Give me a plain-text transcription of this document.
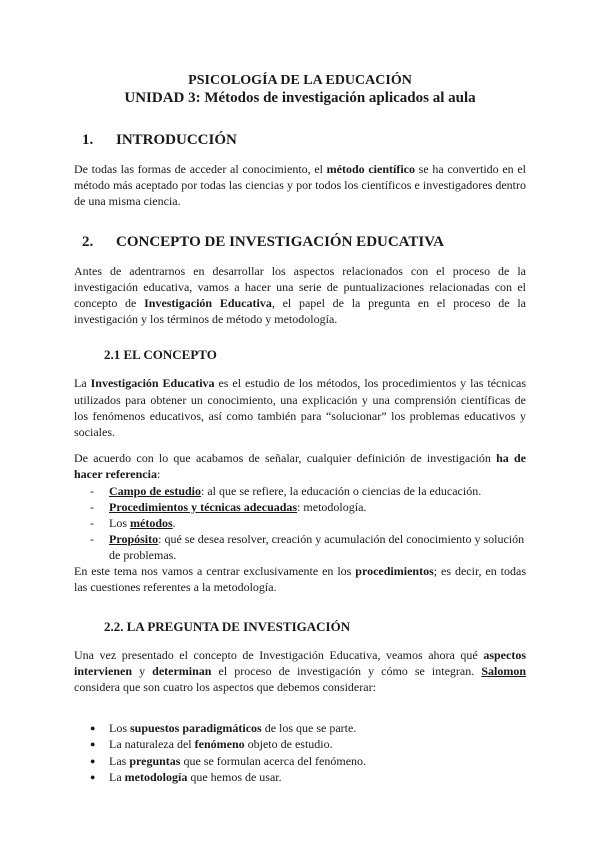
PSICOLOGÍA DE LA EDUCACIÓN

UNIDAD 3: Métodos de investigación aplicados al aula

1.	INTRODUCCIÓN

De todas las formas de acceder al conocimiento, el método científico se ha convertido en el método más aceptado por todas las ciencias y por todos los científicos e investigadores dentro de una misma ciencia.

2.	CONCEPTO DE INVESTIGACIÓN EDUCATIVA

Antes de adentrarnos en desarrollar los aspectos relacionados con el proceso de la investigación educativa, vamos a hacer una serie de puntualizaciones relacionadas con el concepto de Investigación Educativa, el papel de la pregunta en el proceso de la investigación y los términos de método y metodología.

2.1 EL CONCEPTO

La Investigación Educativa es el estudio de los métodos, los procedimientos y las técnicas utilizados para obtener un conocimiento, una explicación y una comprensión científicas de los fenómenos educativos, así como también para “solucionar” los problemas educativos y sociales.

De acuerdo con lo que acabamos de señalar, cualquier definición de investigación ha de hacer referencia:

- Campo de estudio: al que se refiere, la educación o ciencias de la educación.
- Procedimientos y técnicas adecuadas: metodología.
- Los métodos.
- Propósito: qué se desea resolver, creación y acumulación del conocimiento y solución de problemas.

En este tema nos vamos a centrar exclusivamente en los procedimientos; es decir, en todas las cuestiones referentes a la metodología.

2.2. LA PREGUNTA DE INVESTIGACIÓN

Una vez presentado el concepto de Investigación Educativa, veamos ahora qué aspectos intervienen y determinan el proceso de investigación y cómo se integran. Salomon considera que son cuatro los aspectos que debemos considerar:

● Los supuestos paradigmáticos de los que se parte.
● La naturaleza del fenómeno objeto de estudio.
● Las preguntas que se formulan acerca del fenómeno.
● La metodología que hemos de usar.
